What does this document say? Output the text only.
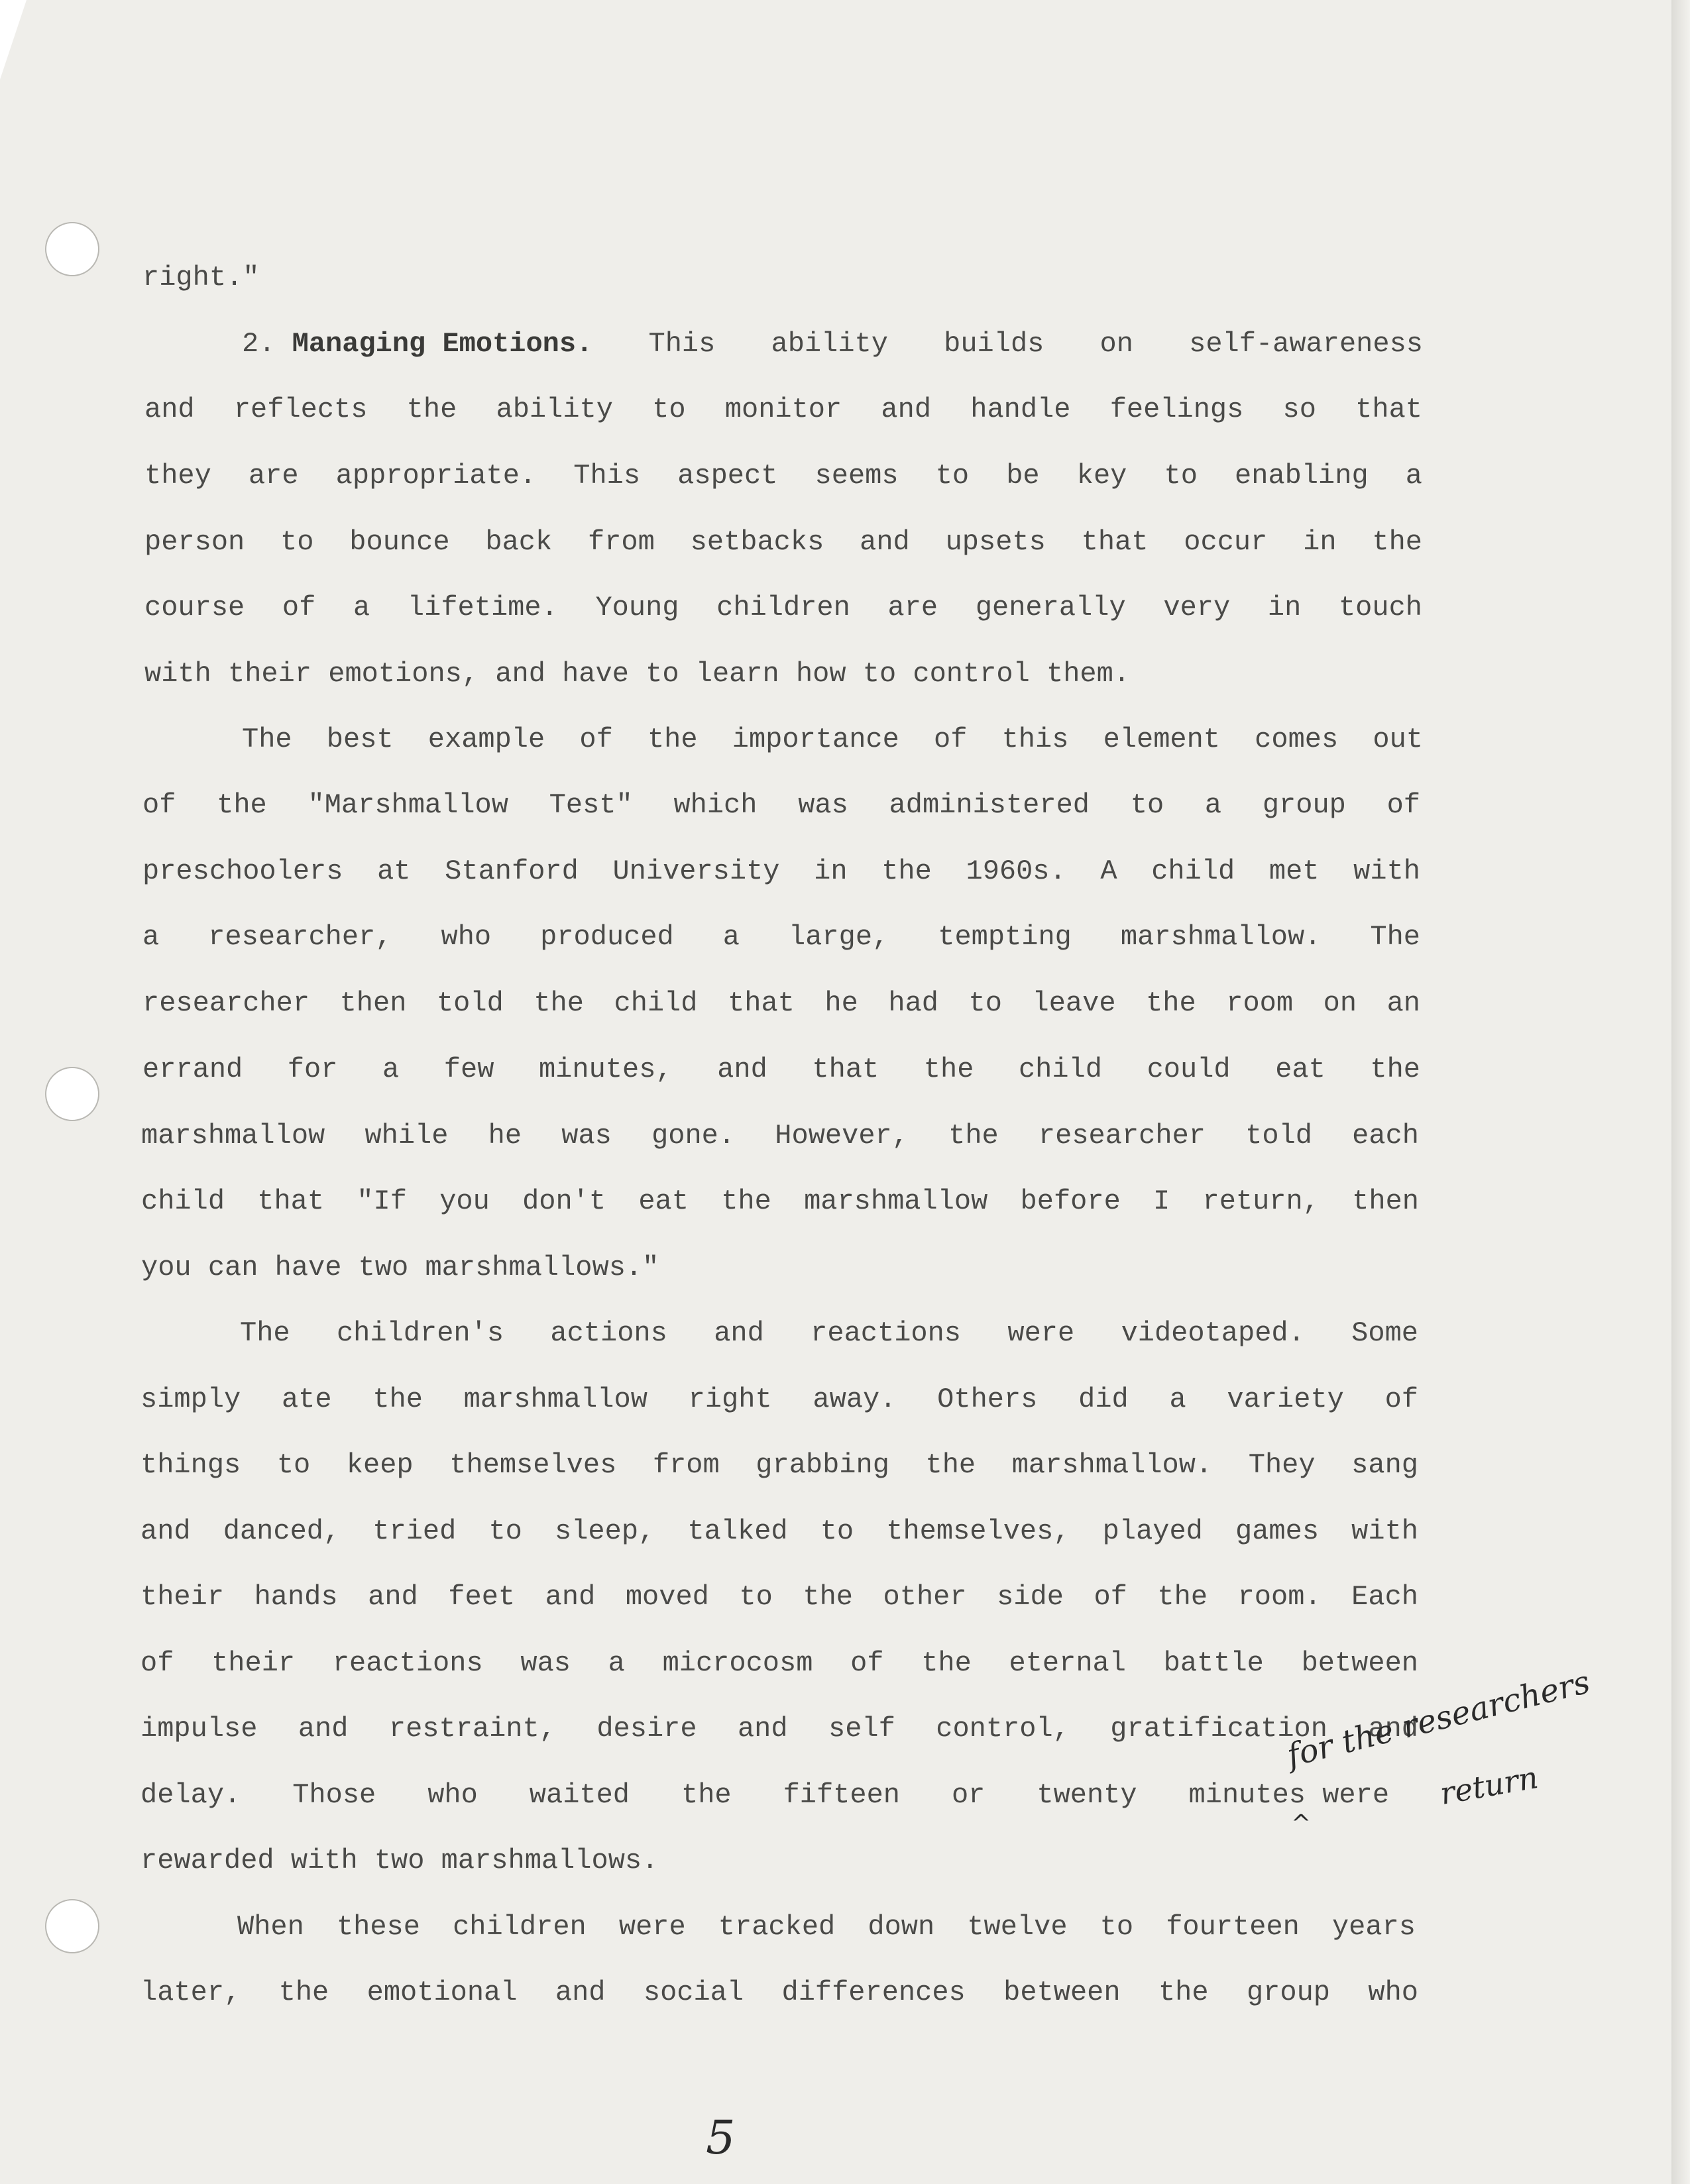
right."
2. Managing Emotions. This ability builds on self-awareness
and reflects the ability to monitor and handle feelings so that
they are appropriate. This aspect seems to be key to enabling a
person to bounce back from setbacks and upsets that occur in the
course of a lifetime. Young children are generally very in touch
with their emotions, and have to learn how to control them.
The best example of the importance of this element comes out
of the "Marshmallow Test" which was administered to a group of
preschoolers at Stanford University in the 1960s. A child met with
a researcher, who produced a large, tempting marshmallow. The
researcher then told the child that he had to leave the room on an
errand for a few minutes, and that the child could eat the
marshmallow while he was gone. However, the researcher told each
child that "If you don't eat the marshmallow before I return, then
you can have two marshmallows."
The children's actions and reactions were videotaped. Some
simply ate the marshmallow right away. Others did a variety of
things to keep themselves from grabbing the marshmallow. They sang
and danced, tried to sleep, talked to themselves, played games with
their hands and feet and moved to the other side of the room. Each
of their reactions was a microcosm of the eternal battle between
impulse and restraint, desire and self control, gratification and
delay. Those who waited the fifteen or twenty minutes were
rewarded with two marshmallows.
When these children were tracked down twelve to fourteen years
later, the emotional and social differences between the group who
for the researchers
return
^
5
